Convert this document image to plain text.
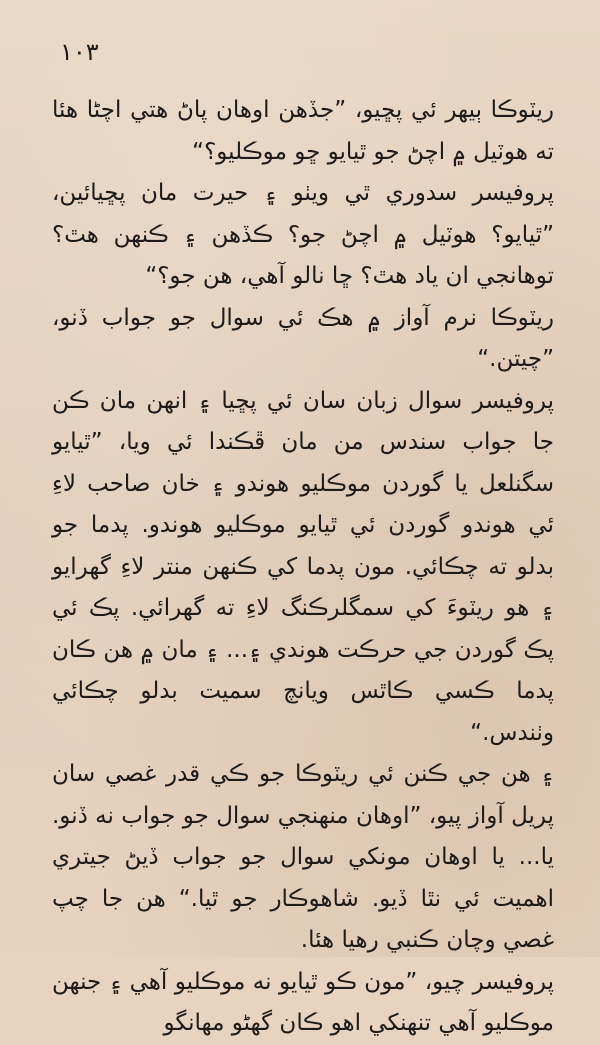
١٠٣

ريٽوڪا ٻيهر ئي پڇيو، ”جڏهن اوهان پاڻ هتي اچڻا هئا ته هوٽيل ۾ اچڻ جو ٿيايو ڇو موڪليو؟“

پروفيسر سدوري ٿي ويٺو ۽ حيرت مان پڇيائين، ”ٿيايو؟ هوٽيل ۾ اچڻ جو؟ ڪڏهن ۽ ڪنهن هٿ؟ توهانجي ان ياد هٿ؟ ڇا نالو آهي، هن جو؟“

ريٽوڪا نرم آواز ۾ هڪ ئي سوال جو جواب ڏنو، ”چيتن.“

پروفيسر سوال زبان سان ئي پڇيا ۽ انهن مان ڪن جا جواب سندس من مان ڦڪندا ئي ويا، ”ٿيايو سگنلعل يا گوردن موڪليو هوندو ۽ خان صاحب لاءِ ئي هوندو گوردن ئي ٿيايو موڪليو هوندو. پدما جو بدلو ته چڪائي. مون پدما کي ڪنهن منتر لاءِ گهرايو ۽ هو ريٽوءَ کي سمگلرڪنگ لاءِ ته گهرائي. پڪ ئي پڪ گوردن جي حرڪت هوندي ۽... ۽ مان ۾ هن ڪان پدما ڪسي ڪاٿس ويانچ سميت بدلو چڪائي وٺندس.“

۽ هن جي ڪنن ئي ريٽوڪا جو ڪي قدر غصي سان پريل آواز پيو، ”اوهان منهنجي سوال جو جواب نه ڏنو. يا... يا اوهان مونکي سوال جو جواب ڏيڻ جيتري اهميت ئي نٿا ڏيو. شاهوڪار جو ٿيا.“ هن جا چپ غصي وچان ڪنبي رهيا هئا.

پروفيسر چيو، ”مون ڪو ٿيايو نه موڪليو آهي ۽ جنهن موڪليو آهي تنهنکي اهو ڪان گهڻو مهانگو
